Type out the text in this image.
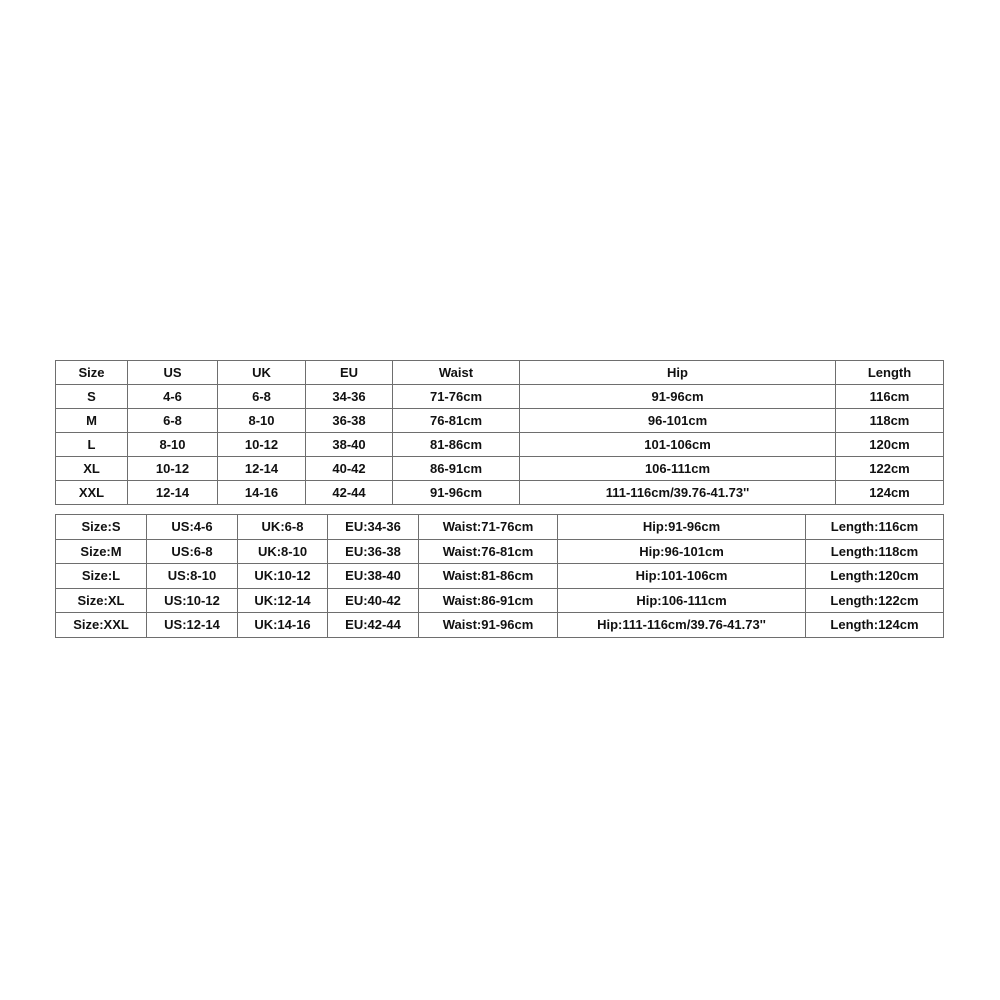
Size	US	UK	EU	Waist	Hip	Length
S	4-6	6-8	34-36	71-76cm	91-96cm	116cm
M	6-8	8-10	36-38	76-81cm	96-101cm	118cm
L	8-10	10-12	38-40	81-86cm	101-106cm	120cm
XL	10-12	12-14	40-42	86-91cm	106-111cm	122cm
XXL	12-14	14-16	42-44	91-96cm	111-116cm/39.76-41.73''	124cm
Size:S	US:4-6	UK:6-8	EU:34-36	Waist:71-76cm	Hip:91-96cm	Length:116cm
Size:M	US:6-8	UK:8-10	EU:36-38	Waist:76-81cm	Hip:96-101cm	Length:118cm
Size:L	US:8-10	UK:10-12	EU:38-40	Waist:81-86cm	Hip:101-106cm	Length:120cm
Size:XL	US:10-12	UK:12-14	EU:40-42	Waist:86-91cm	Hip:106-111cm	Length:122cm
Size:XXL	US:12-14	UK:14-16	EU:42-44	Waist:91-96cm	Hip:111-116cm/39.76-41.73''	Length:124cm
